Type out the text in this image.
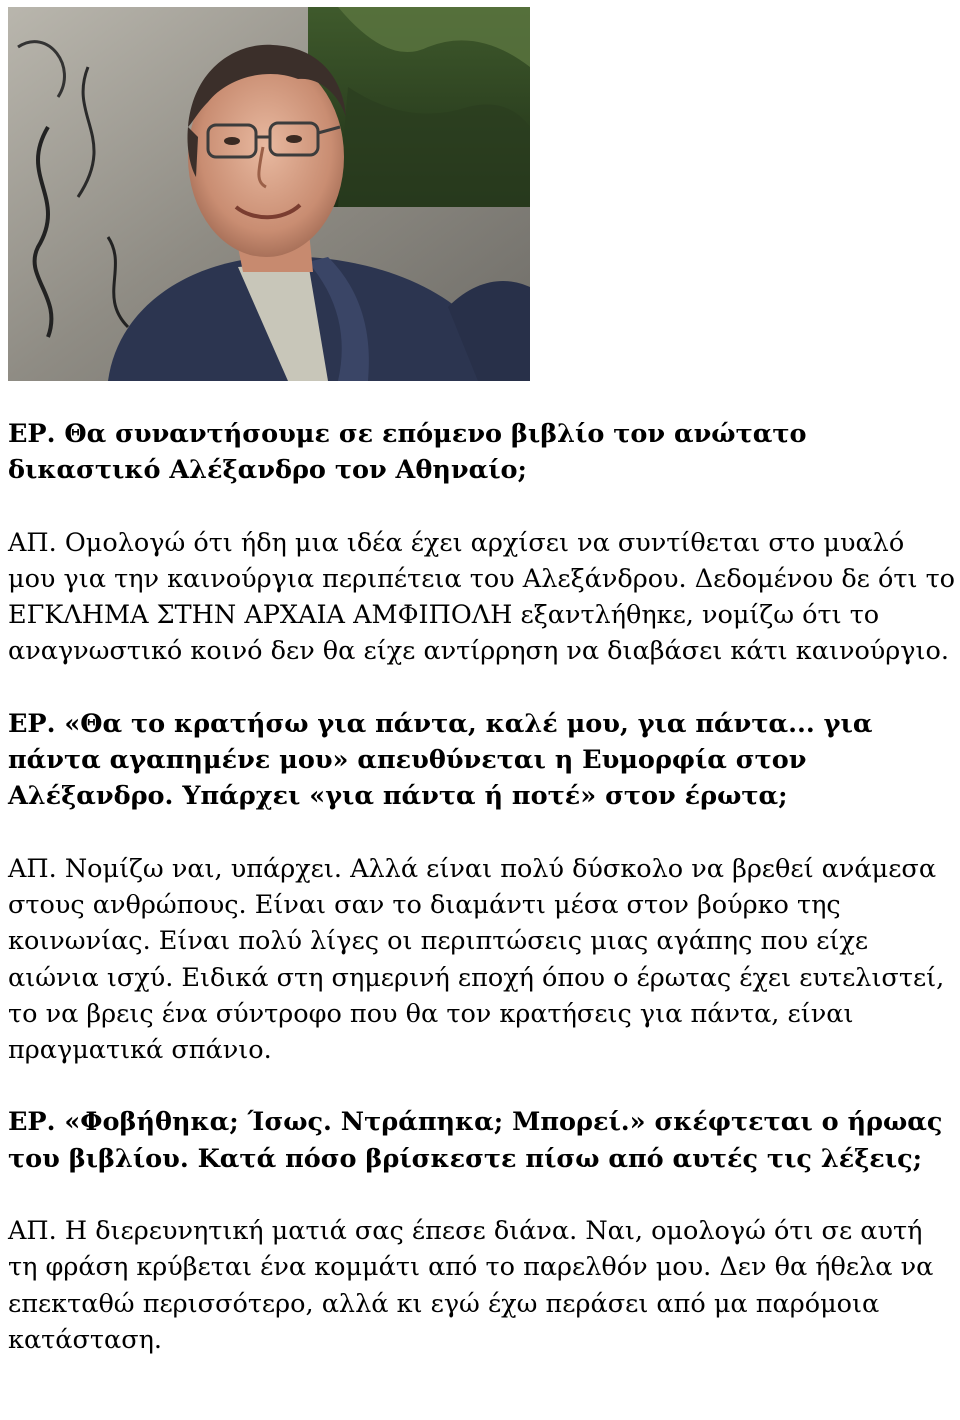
ΕΡ. Θα συναντήσουμε σε επόμενο βιβλίο τον ανώτατο δικαστικό Αλέξανδρο τον Αθηναίο;

ΑΠ. Ομολογώ ότι ήδη μια ιδέα έχει αρχίσει να συντίθεται στο μυαλό μου για την καινούργια περιπέτεια του Αλεξάνδρου. Δεδομένου δε ότι το ΕΓΚΛΗΜΑ ΣΤΗΝ ΑΡΧΑΙΑ ΑΜΦΙΠΟΛΗ εξαντλήθηκε, νομίζω ότι το αναγνωστικό κοινό δεν θα είχε αντίρρηση να διαβάσει κάτι καινούργιο.

ΕΡ. «Θα το κρατήσω για πάντα, καλέ μου, για πάντα... για πάντα αγαπημένε μου» απευθύνεται η Ευμορφία στον Αλέξανδρο. Υπάρχει «για πάντα ή ποτέ» στον έρωτα;

ΑΠ. Νομίζω ναι, υπάρχει. Αλλά είναι πολύ δύσκολο να βρεθεί ανάμεσα στους ανθρώπους. Είναι σαν το διαμάντι μέσα στον βούρκο της κοινωνίας. Είναι πολύ λίγες οι περιπτώσεις μιας αγάπης που είχε αιώνια ισχύ. Ειδικά στη σημερινή εποχή όπου ο έρωτας έχει ευτελιστεί, το να βρεις ένα σύντροφο που θα τον κρατήσεις για πάντα, είναι πραγματικά σπάνιο.

ΕΡ. «Φοβήθηκα; Ίσως. Ντράπηκα; Μπορεί.» σκέφτεται ο ήρωας του βιβλίου. Κατά πόσο βρίσκεστε πίσω από αυτές τις λέξεις;

ΑΠ. Η διερευνητική ματιά σας έπεσε διάνα. Ναι, ομολογώ ότι σε αυτή τη φράση κρύβεται ένα κομμάτι από το παρελθόν μου. Δεν θα ήθελα να επεκταθώ περισσότερο, αλλά κι εγώ έχω περάσει από μα παρόμοια κατάσταση.
